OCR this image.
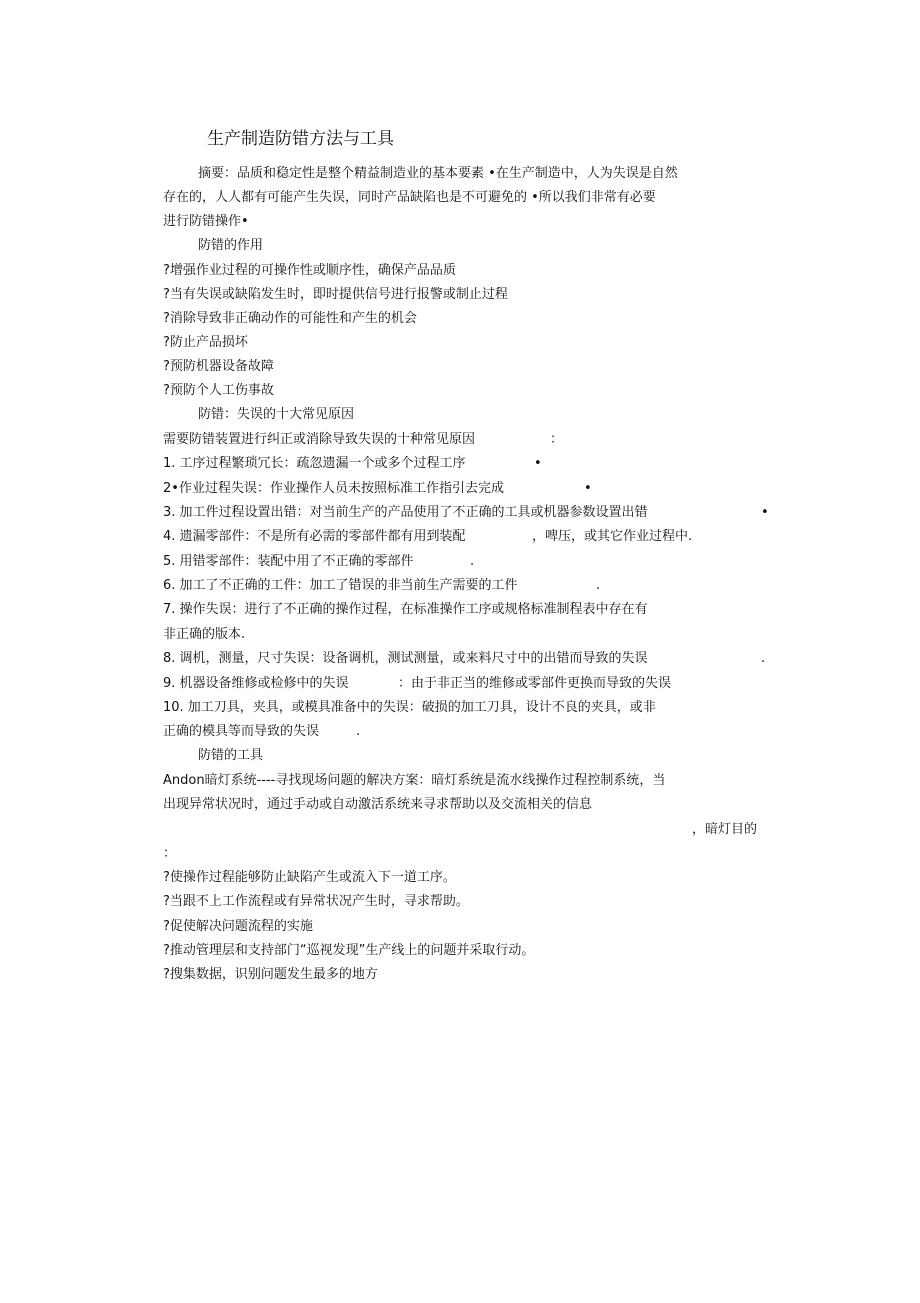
生产制造防错方法与工具
摘要：品质和稳定性是整个精益制造业的基本要素 •在生产制造中，人为失误是自然
存在的，人人都有可能产生失误，同时产品缺陷也是不可避免的 •所以我们非常有必要
进行防错操作•
防错的作用
?增强作业过程的可操作性或顺序性，确保产品品质
?当有失误或缺陷发生时，即时提供信号进行报警或制止过程
?消除导致非正确动作的可能性和产生的机会
?防止产品损坏
?预防机器设备故障
?预防个人工伤事故
防错：失误的十大常见原因
需要防错装置进行纠正或消除导致失误的十种常见原因	：
1. 工序过程繁琐冗长：疏忽遗漏一个或多个过程工序	•
2•作业过程失误：作业操作人员未按照标准工作指引去完成	•
3. 加工件过程设置出错：对当前生产的产品使用了不正确的工具或机器参数设置出错	•
4. 遗漏零部件：不是所有必需的零部件都有用到装配	，啤压，或其它作业过程中.
5. 用错零部件：装配中用了不正确的零部件	.
6. 加工了不正确的工件：加工了错误的非当前生产需要的工件	.
7. 操作失误：进行了不正确的操作过程，在标准操作工序或规格标准制程表中存在有
非正确的版本.
8. 调机，测量，尺寸失误：设备调机，测试测量，或来料尺寸中的出错而导致的失误	.
9. 机器设备维修或检修中的失误	：由于非正当的维修或零部件更换而导致的失误
10. 加工刀具，夹具，或模具准备中的失误：破损的加工刀具，设计不良的夹具，或非
正确的模具等而导致的失误	.
防错的工具
Andon暗灯系统----寻找现场问题的解决方案：暗灯系统是流水线操作过程控制系统，当
出现异常状况时，通过手动或自动激活系统来寻求帮助以及交流相关的信息
，暗灯目的
：
?使操作过程能够防止缺陷产生或流入下一道工序。
?当跟不上工作流程或有异常状况产生时，寻求帮助。
?促使解决问题流程的实施
?推动管理层和支持部门“巡视发现”生产线上的问题并采取行动。
?搜集数据，识别问题发生最多的地方
